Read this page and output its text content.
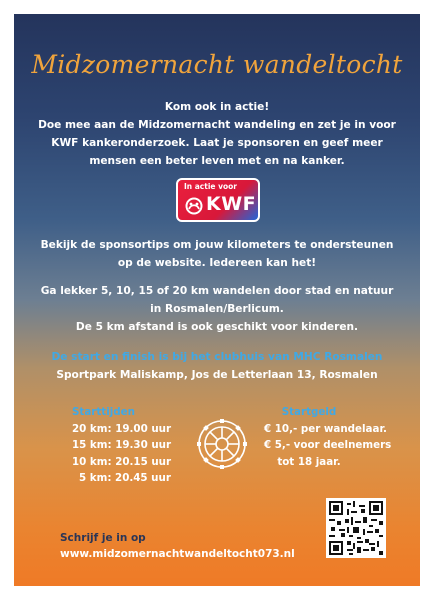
Midzomernacht wandeltocht
Kom ook in actie!
Doe mee aan de Midzomernacht wandeling en zet je in voor
KWF kankeronderzoek. Laat je sponsoren en geef meer
mensen een beter leven met en na kanker.
In actie voor
KWF
Bekijk de sponsortips om jouw kilometers te ondersteunen
op de website. Iedereen kan het!
Ga lekker 5, 10, 15 of 20 km wandelen door stad en natuur
in Rosmalen/Berlicum.
De 5 km afstand is ook geschikt voor kinderen.
De start en finish is bij het clubhuis van MHC Rosmalen
Sportpark Maliskamp, Jos de Letterlaan 13, Rosmalen
Starttijden
20 km: 19.00 uur
15 km: 19.30 uur
10 km: 20.15 uur
5 km: 20.45 uur
Startgeld
€ 10,- per wandelaar.
€ 5,- voor deelnemers
tot 18 jaar.
Schrijf je in op
www.midzomernachtwandeltocht073.nl
